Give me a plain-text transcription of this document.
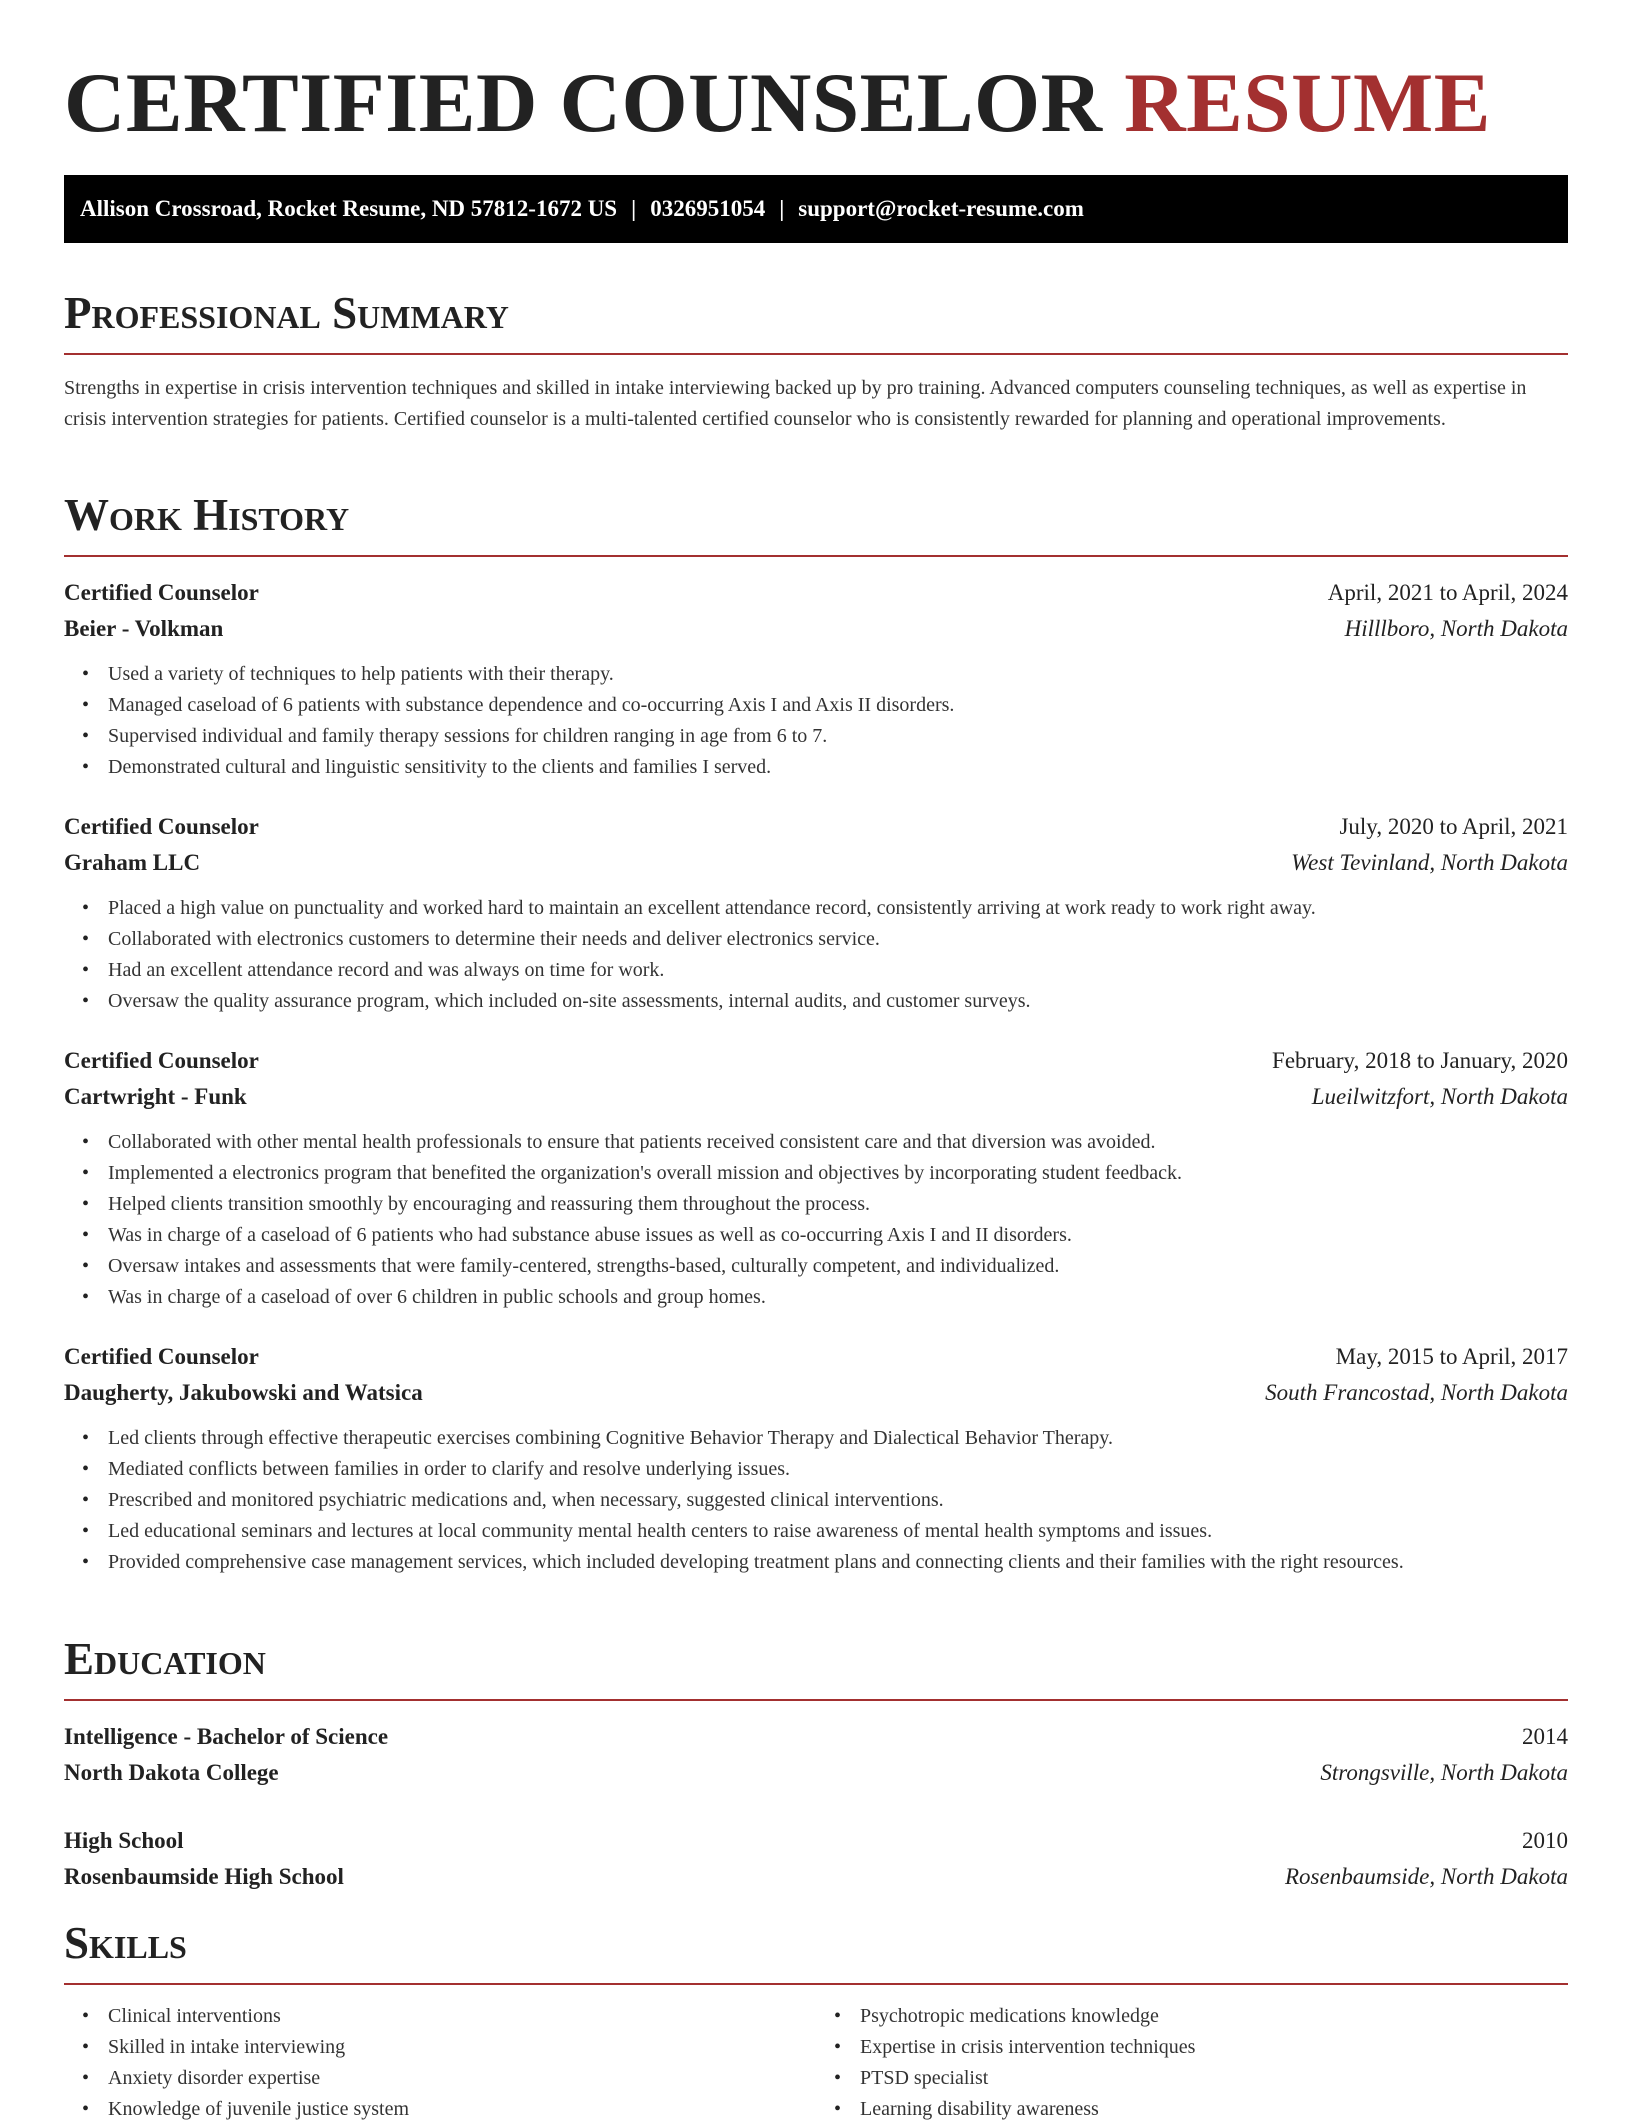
CERTIFIED COUNSELOR RESUME
Allison Crossroad, Rocket Resume, ND 57812-1672 US | 0326951054 | support@rocket-resume.com
Professional Summary

Strengths in expertise in crisis intervention techniques and skilled in intake interviewing backed up by pro training. Advanced computers counseling techniques, as well as expertise in crisis intervention strategies for patients. Certified counselor is a multi-talented certified counselor who is consistently rewarded for planning and operational improvements.

Work History
Certified Counselor	April, 2021 to April, 2024
Beier - Volkman	Hilllboro, North Dakota
• Used a variety of techniques to help patients with their therapy.
• Managed caseload of 6 patients with substance dependence and co-occurring Axis I and Axis II disorders.
• Supervised individual and family therapy sessions for children ranging in age from 6 to 7.
• Demonstrated cultural and linguistic sensitivity to the clients and families I served.
Certified Counselor	July, 2020 to April, 2021
Graham LLC	West Tevinland, North Dakota
• Placed a high value on punctuality and worked hard to maintain an excellent attendance record, consistently arriving at work ready to work right away.
• Collaborated with electronics customers to determine their needs and deliver electronics service.
• Had an excellent attendance record and was always on time for work.
• Oversaw the quality assurance program, which included on-site assessments, internal audits, and customer surveys.
Certified Counselor	February, 2018 to January, 2020
Cartwright - Funk	Lueilwitzfort, North Dakota
• Collaborated with other mental health professionals to ensure that patients received consistent care and that diversion was avoided.
• Implemented a electronics program that benefited the organization's overall mission and objectives by incorporating student feedback.
• Helped clients transition smoothly by encouraging and reassuring them throughout the process.
• Was in charge of a caseload of 6 patients who had substance abuse issues as well as co-occurring Axis I and II disorders.
• Oversaw intakes and assessments that were family-centered, strengths-based, culturally competent, and individualized.
• Was in charge of a caseload of over 6 children in public schools and group homes.
Certified Counselor	May, 2015 to April, 2017
Daugherty, Jakubowski and Watsica	South Francostad, North Dakota
• Led clients through effective therapeutic exercises combining Cognitive Behavior Therapy and Dialectical Behavior Therapy.
• Mediated conflicts between families in order to clarify and resolve underlying issues.
• Prescribed and monitored psychiatric medications and, when necessary, suggested clinical interventions.
• Led educational seminars and lectures at local community mental health centers to raise awareness of mental health symptoms and issues.
• Provided comprehensive case management services, which included developing treatment plans and connecting clients and their families with the right resources.
Education
Intelligence - Bachelor of Science	2014
North Dakota College	Strongsville, North Dakota
High School	2010
Rosenbaumside High School	Rosenbaumside, North Dakota
Skills
• Clinical interventions
• Skilled in intake interviewing
• Anxiety disorder expertise
• Knowledge of juvenile justice system
• Psychotropic medications knowledge
• Expertise in crisis intervention techniques
• PTSD specialist
• Learning disability awareness
